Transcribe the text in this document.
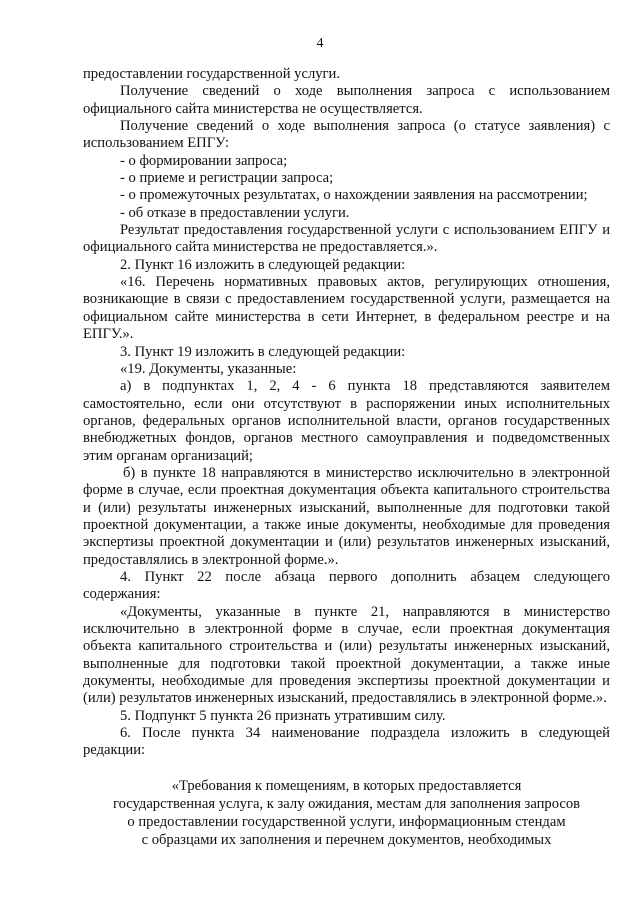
4

предоставлении государственной услуги.

Получение сведений о ходе выполнения запроса с использованием официального сайта министерства не осуществляется.

Получение сведений о ходе выполнения запроса (о статусе заявления) с использованием ЕПГУ:

- о формировании запроса;

- о приеме и регистрации запроса;

- о промежуточных результатах, о нахождении заявления на рассмотрении;

- об отказе в предоставлении услуги.

Результат предоставления государственной услуги с использованием ЕПГУ и официального сайта министерства не предоставляется.».

2. Пункт 16 изложить в следующей редакции:

«16. Перечень нормативных правовых актов, регулирующих отношения, возникающие в связи с предоставлением государственной услуги, размещается на официальном сайте министерства в сети Интернет, в федеральном реестре и на ЕПГУ.».

3. Пункт 19 изложить в следующей редакции:

«19. Документы, указанные:

а) в подпунктах 1, 2, 4 - 6 пункта 18 представляются заявителем самостоятельно, если они отсутствуют в распоряжении иных исполнительных органов, федеральных органов исполнительной власти, органов государственных внебюджетных фондов, органов местного самоуправления и подведомственных этим органам организаций;

б) в пункте 18 направляются в министерство исключительно в электронной форме в случае, если проектная документация объекта капитального строительства и (или) результаты инженерных изысканий, выполненные для подготовки такой проектной документации, а также иные документы, необходимые для проведения экспертизы проектной документации и (или) результатов инженерных изысканий, предоставлялись в электронной форме.».

4. Пункт 22 после абзаца первого дополнить абзацем следующего содержания:

«Документы, указанные в пункте 21, направляются в министерство исключительно в электронной форме в случае, если проектная документация объекта капитального строительства и (или) результаты инженерных изысканий, выполненные для подготовки такой проектной документации, а также иные документы, необходимые для проведения экспертизы проектной документации и (или) результатов инженерных изысканий, предоставлялись в электронной форме.».

5. Подпункт 5 пункта 26 признать утратившим силу.

6. После пункта 34 наименование подраздела изложить в следующей редакции:

«Требования к помещениям, в которых предоставляется
государственная услуга, к залу ожидания, местам для заполнения запросов
о предоставлении государственной услуги, информационным стендам
с образцами их заполнения и перечнем документов, необходимых
